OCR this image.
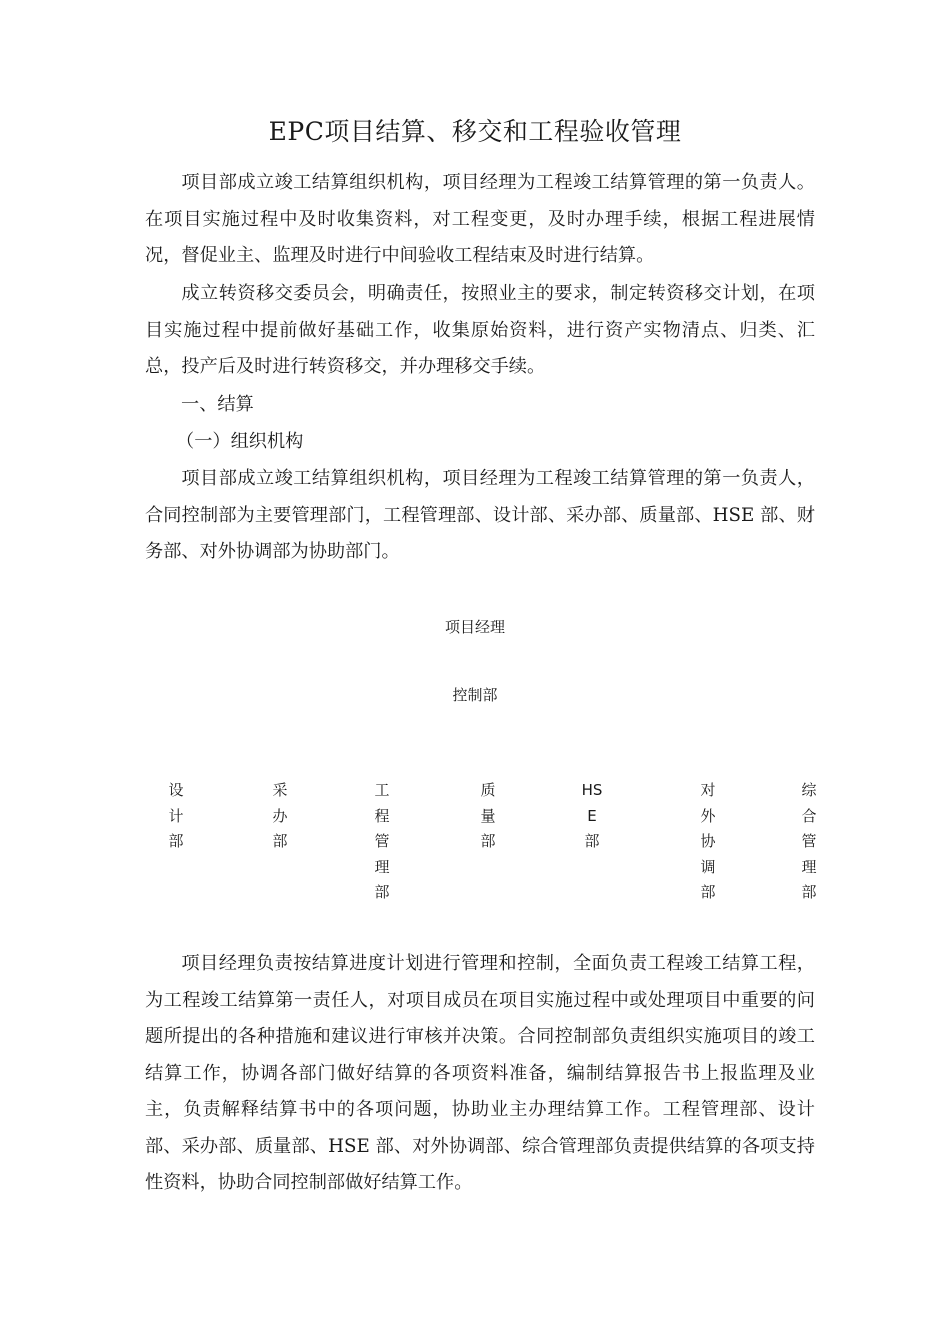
EPC项目结算、移交和工程验收管理

项目部成立竣工结算组织机构，项目经理为工程竣工结算管理的第一负责人。在项目实施过程中及时收集资料，对工程变更，及时办理手续，根据工程进展情况，督促业主、监理及时进行中间验收工程结束及时进行结算。

成立转资移交委员会，明确责任，按照业主的要求，制定转资移交计划，在项目实施过程中提前做好基础工作，收集原始资料，进行资产实物清点、归类、汇总，投产后及时进行转资移交，并办理移交手续。

一、结算

（一）组织机构

项目部成立竣工结算组织机构，项目经理为工程竣工结算管理的第一负责人，合同控制部为主要管理部门，工程管理部、设计部、采办部、质量部、HSE 部、财务部、对外协调部为协助部门。

项目经理
控制部
设计部
采办部
工程管理部
质量部
HSE部
对外协调部
综合管理部

项目经理负责按结算进度计划进行管理和控制，全面负责工程竣工结算工程，为工程竣工结算第一责任人，对项目成员在项目实施过程中或处理项目中重要的问题所提出的各种措施和建议进行审核并决策。合同控制部负责组织实施项目的竣工结算工作，协调各部门做好结算的各项资料准备，编制结算报告书上报监理及业主，负责解释结算书中的各项问题，协助业主办理结算工作。工程管理部、设计部、采办部、质量部、HSE 部、对外协调部、综合管理部负责提供结算的各项支持性资料，协助合同控制部做好结算工作。
